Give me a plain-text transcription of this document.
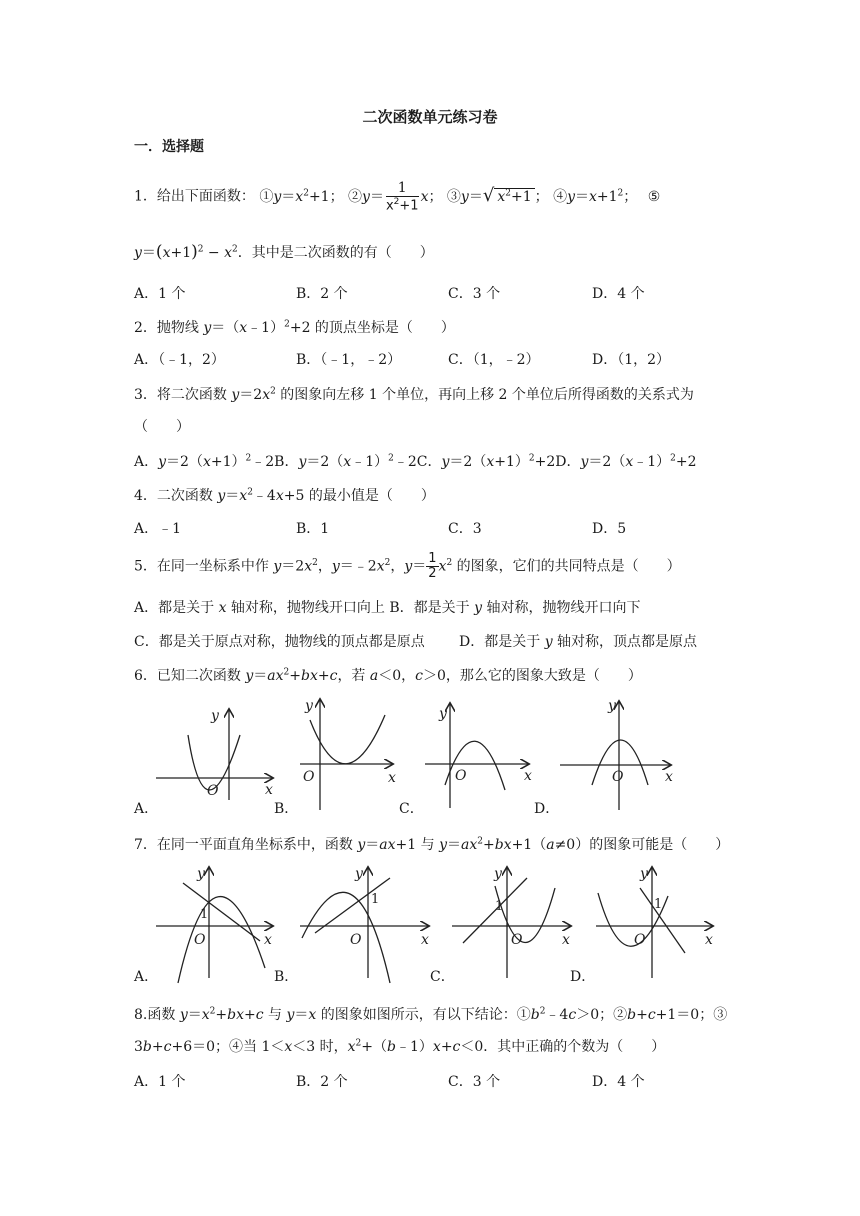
二次函数单元练习卷
一．选择题
1．给出下面函数： $①y=x^2+1$； ②y＝ $\frac{1}{x^2+1}$ x； ③y＝√ $x^2+1$ ； $④y=x+1^2$； ⑤
$y=(x+1)^2 - x^2$．其中是二次函数的有（　　）
A．1 个	B．2 个	C．3 个	D．4 个
2．抛物线 y＝（x﹣1）$^2$+2 的顶点坐标是（　　）
A．（﹣1，2）	B．（﹣1，﹣2）	C．（1，﹣2）	D．（1，2）
3．将二次函数 $y=2x^2$ 的图象向左移 1 个单位，再向上移 2 个单位后所得函数的关系式为
（　　）
A．$y=2(x+1)^2﹣2B$．y＝2（x﹣1）$^2$﹣2C．$y=2(x+1)^2+2D$．y＝2（x﹣1）$^2$+2
4．二次函数 $y=x^2﹣4x+5$ 的最小值是（　　）
A．﹣1	B．1	C．3	D．5
5．在同一坐标系中作 $y=2x^2$，$y=﹣2x^2$，$y= \frac{1}{2} x^2$ 的图象，它们的共同特点是（　　）
A．都是关于 x 轴对称，抛物线开口向上 B．都是关于 y 轴对称，抛物线开口向下
C．都是关于原点对称，抛物线的顶点都是原点 D．都是关于 y 轴对称，顶点都是原点
6．已知二次函数 $y=ax^2+bx+c$，若 a＜0，c＞0，那么它的图象大致是（　　）
y
x
O
y
x
O
y
x
O
y
x
O
A．	B．	C．	D．
7．在同一平面直角坐标系中，函数 y＝ax+1 与 $y=ax^2+bx+1(a\ne 0)$的图象可能是（　　）
y
x
O
y
x
O
y
x
O
y
x
O
1
1	1	1
A．	B．	C．	D．
8.函数 $y=x^2+bx+c$ 与 y＝x 的图象如图所示，有以下结论：$①b^2﹣4c>0$；②b+c+1＝0；③
3b+c+6＝0；④当 1＜x＜3 时，$x^2+(b﹣1)x+c<0$．其中正确的个数为（　　）
A．1 个	B．2 个	C．3 个	D．4 个
